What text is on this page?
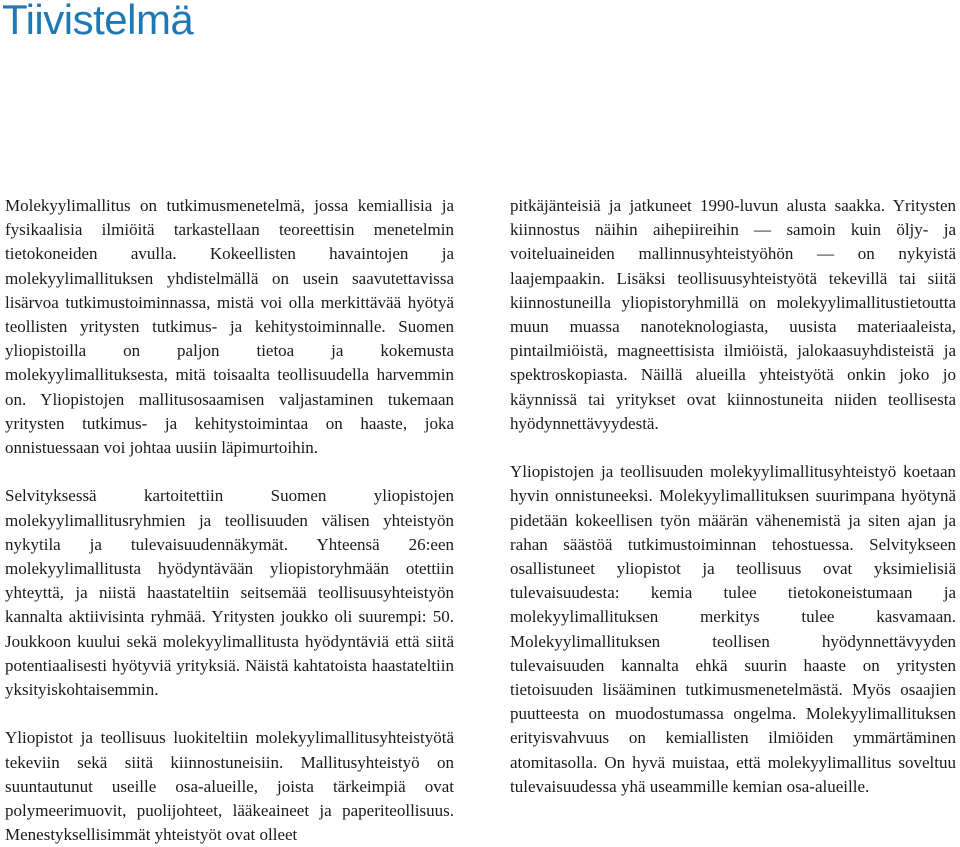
Tiivistelmä

Molekyylimallitus on tutkimusmenetelmä, jossa kemiallisia ja fysikaalisia ilmiöitä tarkastellaan teoreettisin menetelmin tietokoneiden avulla. Kokeellisten havaintojen ja molekyylimallituksen yhdistelmällä on usein saavutettavissa lisärvoa tutkimustoiminnassa, mistä voi olla merkittävää hyötyä teollisten yritysten tutkimus- ja kehitystoiminnalle. Suomen yliopistoilla on paljon tietoa ja kokemusta molekyylimallituksesta, mitä toisaalta teollisuudella harvemmin on. Yliopistojen mallitusosaamisen valjastaminen tukemaan yritysten tutkimus- ja kehitystoimintaa on haaste, joka onnistuessaan voi johtaa uusiin läpimurtoihin.

Selvityksessä kartoitettiin Suomen yliopistojen molekyylimallitusryhmien ja teollisuuden välisen yhteistyön nykytila ja tulevaisuudennäkymät. Yhteensä 26:een molekyylimallitusta hyödyntävään yliopistoryhmään otettiin yhteyttä, ja niistä haastateltiin seitsemää teollisuusyhteistyön kannalta aktiivisinta ryhmää. Yritysten joukko oli suurempi: 50. Joukkoon kuului sekä molekyylimallitusta hyödyntäviä että siitä potentiaalisesti hyötyviä yrityksiä. Näistä kahtatoista haastateltiin yksityiskohtaisemmin.

Yliopistot ja teollisuus luokiteltiin molekyylimallitusyhteistyötä tekeviin sekä siitä kiinnostuneisiin. Mallitusyhteistyö on suuntautunut useille osa-alueille, joista tärkeimpiä ovat polymeerimuovit, puolijohteet, lääkeaineet ja paperiteollisuus. Menestyksellisimmät yhteistyöt ovat olleet

pitkäjänteisiä ja jatkuneet 1990-luvun alusta saakka. Yritysten kiinnostus näihin aihepiireihin — samoin kuin öljy- ja voiteluaineiden mallinnusyhteistyöhön — on nykyistä laajempaakin. Lisäksi teollisuusyhteistyötä tekevillä tai siitä kiinnostuneilla yliopistoryhmillä on molekyylimallitustietoutta muun muassa nanoteknologiasta, uusista materiaaleista, pintailmiöistä, magneettisista ilmiöistä, jalokaasuyhdisteistä ja spektroskopiasta. Näillä alueilla yhteistyötä onkin joko jo käynnissä tai yritykset ovat kiinnostuneita niiden teollisesta hyödynnettävyydestä.

Yliopistojen ja teollisuuden molekyylimallitusyhteistyö koetaan hyvin onnistuneeksi. Molekyylimallituksen suurimpana hyötynä pidetään kokeellisen työn määrän vähenemistä ja siten ajan ja rahan säästöä tutkimustoiminnan tehostuessa. Selvitykseen osallistuneet yliopistot ja teollisuus ovat yksimielisiä tulevaisuudesta: kemia tulee tietokoneistumaan ja molekyylimallituksen merkitys tulee kasvamaan. Molekyylimallituksen teollisen hyödynnettävyyden tulevaisuuden kannalta ehkä suurin haaste on yritysten tietoisuuden lisääminen tutkimusmenetelmästä. Myös osaajien puutteesta on muodostumassa ongelma. Molekyylimallituksen erityisvahvuus on kemiallisten ilmiöiden ymmärtäminen atomitasolla. On hyvä muistaa, että molekyylimallitus soveltuu tulevaisuudessa yhä useammille kemian osa-alueille.
